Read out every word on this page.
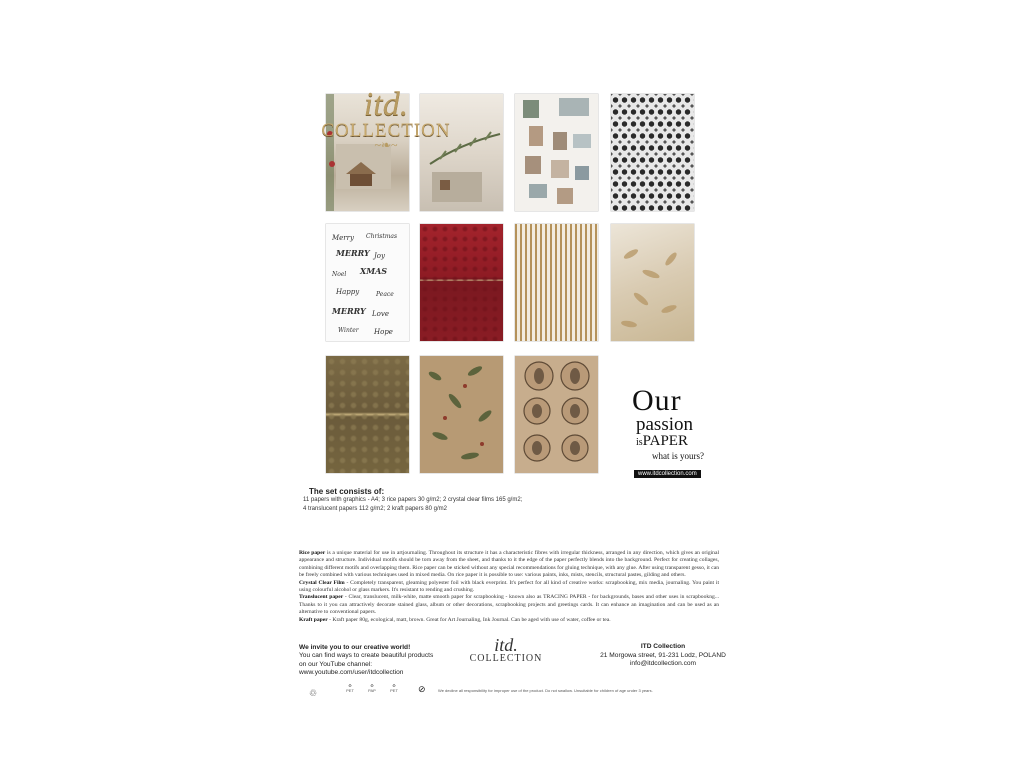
itd.
COLLECTION
~❧~
Merry Christmas
MERRY Joy
Noel XMAS
Happy	Peace
MERRY Love
Winter Hope
Our
passion
isPAPER
what is yours?
www.itdcollection.com
The set consists of:
11 papers with graphics - A4; 3 rice papers 30 g/m2; 2 crystal clear films 165 g/m2;
4 translucent papers 112 g/m2; 2 kraft papers 80 g/m2
Rice paper is a unique material for use in artjournaling. Throughout its structure it has a characteristic fibres with irregular thickness, arranged in any direction, which gives an original appearance and structure. Individual motifs should be torn away from the sheet, and thanks to it the edge of the paper perfectly blends into the background. Perfect for creating collages, combining different motifs and overlapping them. Rice paper can be sticked without any special recommendations for gluing technique, with any glue. After using transparent gesso, it can be freely combined with various techniques used in mixed media. On rice paper it is possible to use: various paints, inks, mists, stencils, structural pastes, gilding and others.
Crystal Clear Film - Completely transparent, gleaming polyester foil with black everprint. It's perfect for all kind of creative works: scrapbooking, mix media, journaling. You paint it using colourful alcohol or glass markers. It's resistant to rending and crushing.
Translucent paper - Clear, translucent, milk-white, matte smooth paper for scrapbooking - known also as TRACING PAPER - for backgrounds, bases and other uses in scrapbookng... Thanks to it you can attractively decorate stained glass, album or other decorations, scrapbooking projects and greetings cards. It can enhance an imagination and can be used as an alternative to conventional papers.
Kraft paper - Kraft paper 80g, ecological, matt, brown. Great for Art Journaling, Ink Journal. Can be aged with use of water, coffee or tea.
We invite you to our creative world!
You can find ways to create beautiful products
on our YouTube channel:
www.youtube.com/user/itdcollection
itd.
COLLECTION
ITD Collection
21 Morgowa street, 91-231 Lodz, POLAND
info@itdcollection.com
♲
♻
PET
♻
PAP
♻
PET	⊘	We decline all responsibility for improper use of the product. Do not swallow. Unsuitable for children of age under 3 years.
